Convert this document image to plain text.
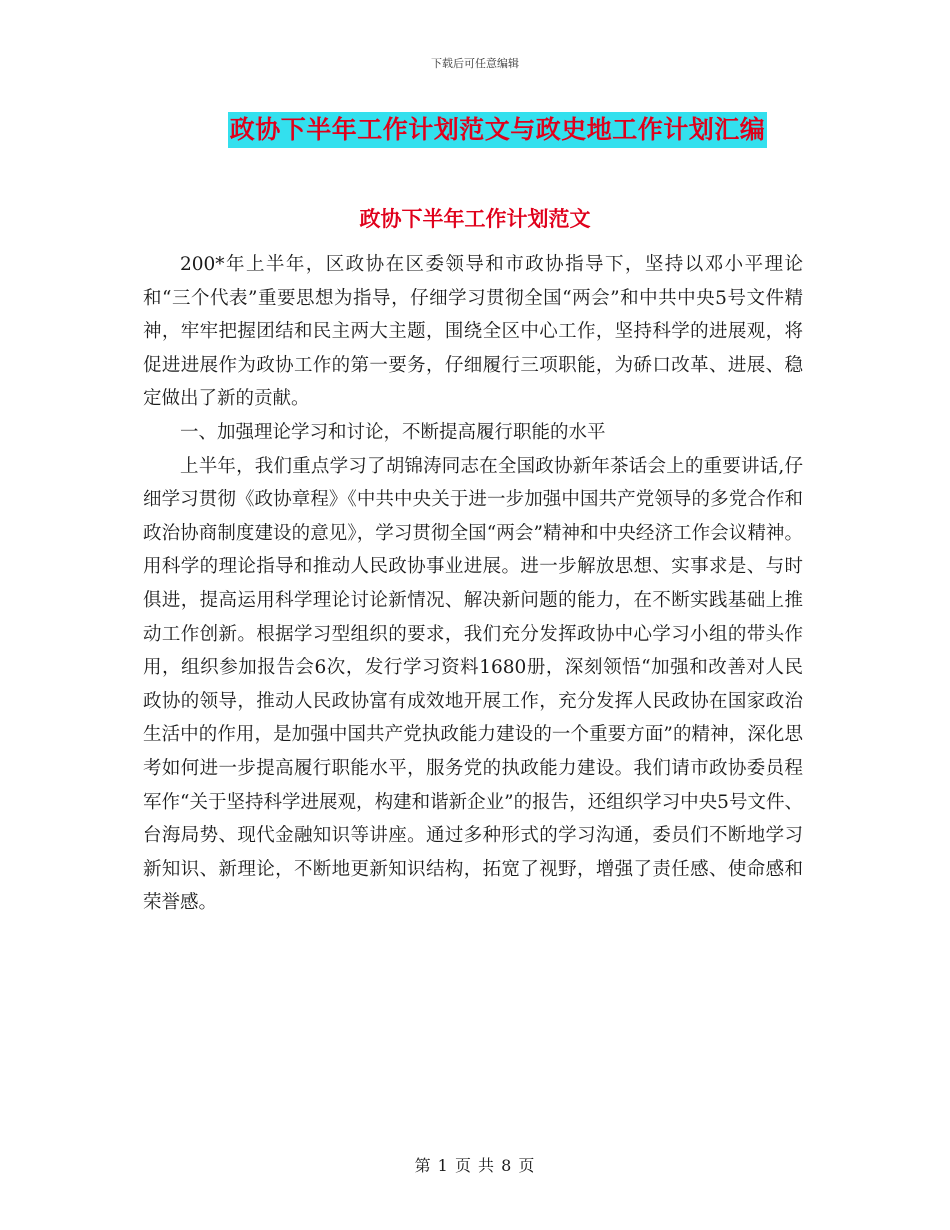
下载后可任意编辑
政协下半年工作计划范文与政史地工作计划汇编
政协下半年工作计划范文

200*年上半年，区政协在区委领导和市政协指导下，坚持以邓小平理论和“三个代表”重要思想为指导，仔细学习贯彻全国“两会”和中共中央5号文件精神，牢牢把握团结和民主两大主题，围绕全区中心工作，坚持科学的进展观，将促进进展作为政协工作的第一要务，仔细履行三项职能，为硚口改革、进展、稳定做出了新的贡献。

一、加强理论学习和讨论，不断提高履行职能的水平

上半年，我们重点学习了胡锦涛同志在全国政协新年茶话会上的重要讲话,仔细学习贯彻《政协章程》《中共中央关于进一步加强中国共产党领导的多党合作和政治协商制度建设的意见》，学习贯彻全国“两会”精神和中央经济工作会议精神。用科学的理论指导和推动人民政协事业进展。进一步解放思想、实事求是、与时俱进，提高运用科学理论讨论新情况、解决新问题的能力，在不断实践基础上推动工作创新。根据学习型组织的要求，我们充分发挥政协中心学习小组的带头作用，组织参加报告会6次，发行学习资料1680册，深刻领悟“加强和改善对人民政协的领导，推动人民政协富有成效地开展工作，充分发挥人民政协在国家政治生活中的作用，是加强中国共产党执政能力建设的一个重要方面”的精神，深化思考如何进一步提高履行职能水平，服务党的执政能力建设。我们请市政协委员程军作“关于坚持科学进展观，构建和谐新企业”的报告，还组织学习中央5号文件、台海局势、现代金融知识等讲座。通过多种形式的学习沟通，委员们不断地学习新知识、新理论，不断地更新知识结构，拓宽了视野，增强了责任感、使命感和荣誉感。

第 1 页 共 8 页
